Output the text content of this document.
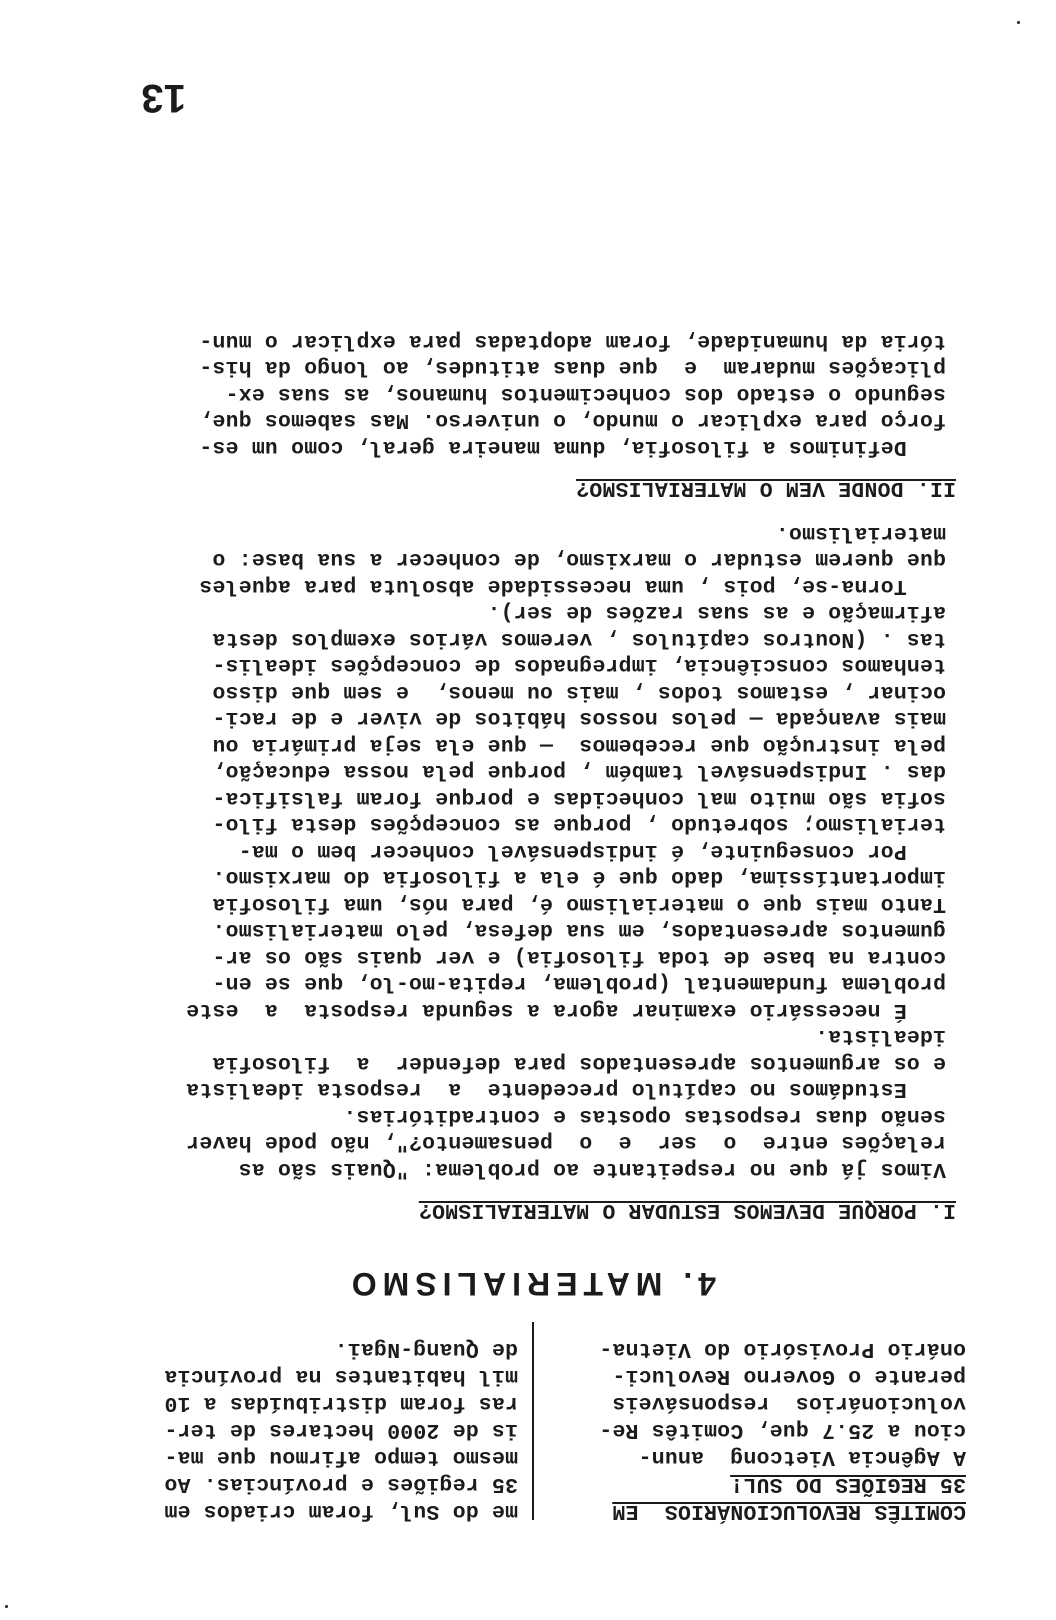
COMITÊS REVOLUCIONÁRIOS  EM
35 REGIÕES DO SUL!
A Agência Vietcong  anun-
ciou a 25.7 que, Comitês Re-
volucionários  responsáveis
perante o Governo Revoluci-
onário Provisório do Vietna-
me do Sul, foram criados em
35 regiões e províncias. Ao
mesmo tempo afirmou que ma-
is de 2000 hectares de ter-
ras foram distribuídas a 10
mil habitantes na província
de Quang-Ngai.
4. MATERIALISMO
I. PORQUE DEVEMOS ESTUDAR O MATERIALISMO?
Vimos já que no respeitante ao problema: "Quais são as
relações entre  o  ser  e  o  pensamento?", não pode haver
senão duas respostas opostas e contraditórias.
Estudámos no capítulo precedente  a  resposta idealista
e os argumentos apresentados para defender  a  filosofia
idealista.
É necessário examinar agora a segunda resposta  a  este
problema fundamental (problema, repita-mo-lo, que se en-
contra na base de toda filosofia) e ver quais são os ar-
gumentos apresentados, em sua defesa, pelo materialismo.
Tanto mais que o materialismo é, para nós, uma filosofia
importantíssima, dado que é ela a filosofia do marxismo.
Por conseguinte, é indispensável conhecer bem o ma-
terialismo; sobretudo , porque as concepções desta filo-
sofia são muito mal conhecidas e porque foram falsifica-
das . Indispensável também , porque pela nossa educação,
pela instrução que recebemos  — que ela seja primária ou
mais avançada — pelos nossos hábitos de viver e de raci-
ocinar , estamos todos , mais ou menos,  e sem que disso
tenhamos consciência, impregnados de concepções idealis-
tas . (Noutros capítulos , veremos vários exemplos desta
afirmação e as suas razões de ser).
Torna-se, pois , uma necessidade absoluta para aqueles
que querem estudar o marxismo, de conhecer a sua base: o
materialismo.
II. DONDE VEM O MATERIALISMO?
Definimos a filosofia, duma maneira geral, como um es-
forço para explicar o mundo, o universo. Mas sabemos que,
segundo o estado dos conhecimentos humanos, as suas ex-
plicações mudaram  e  que duas atitudes, ao longo da his-
tória da humanidade, foram adoptadas para explicar o mun-
13
